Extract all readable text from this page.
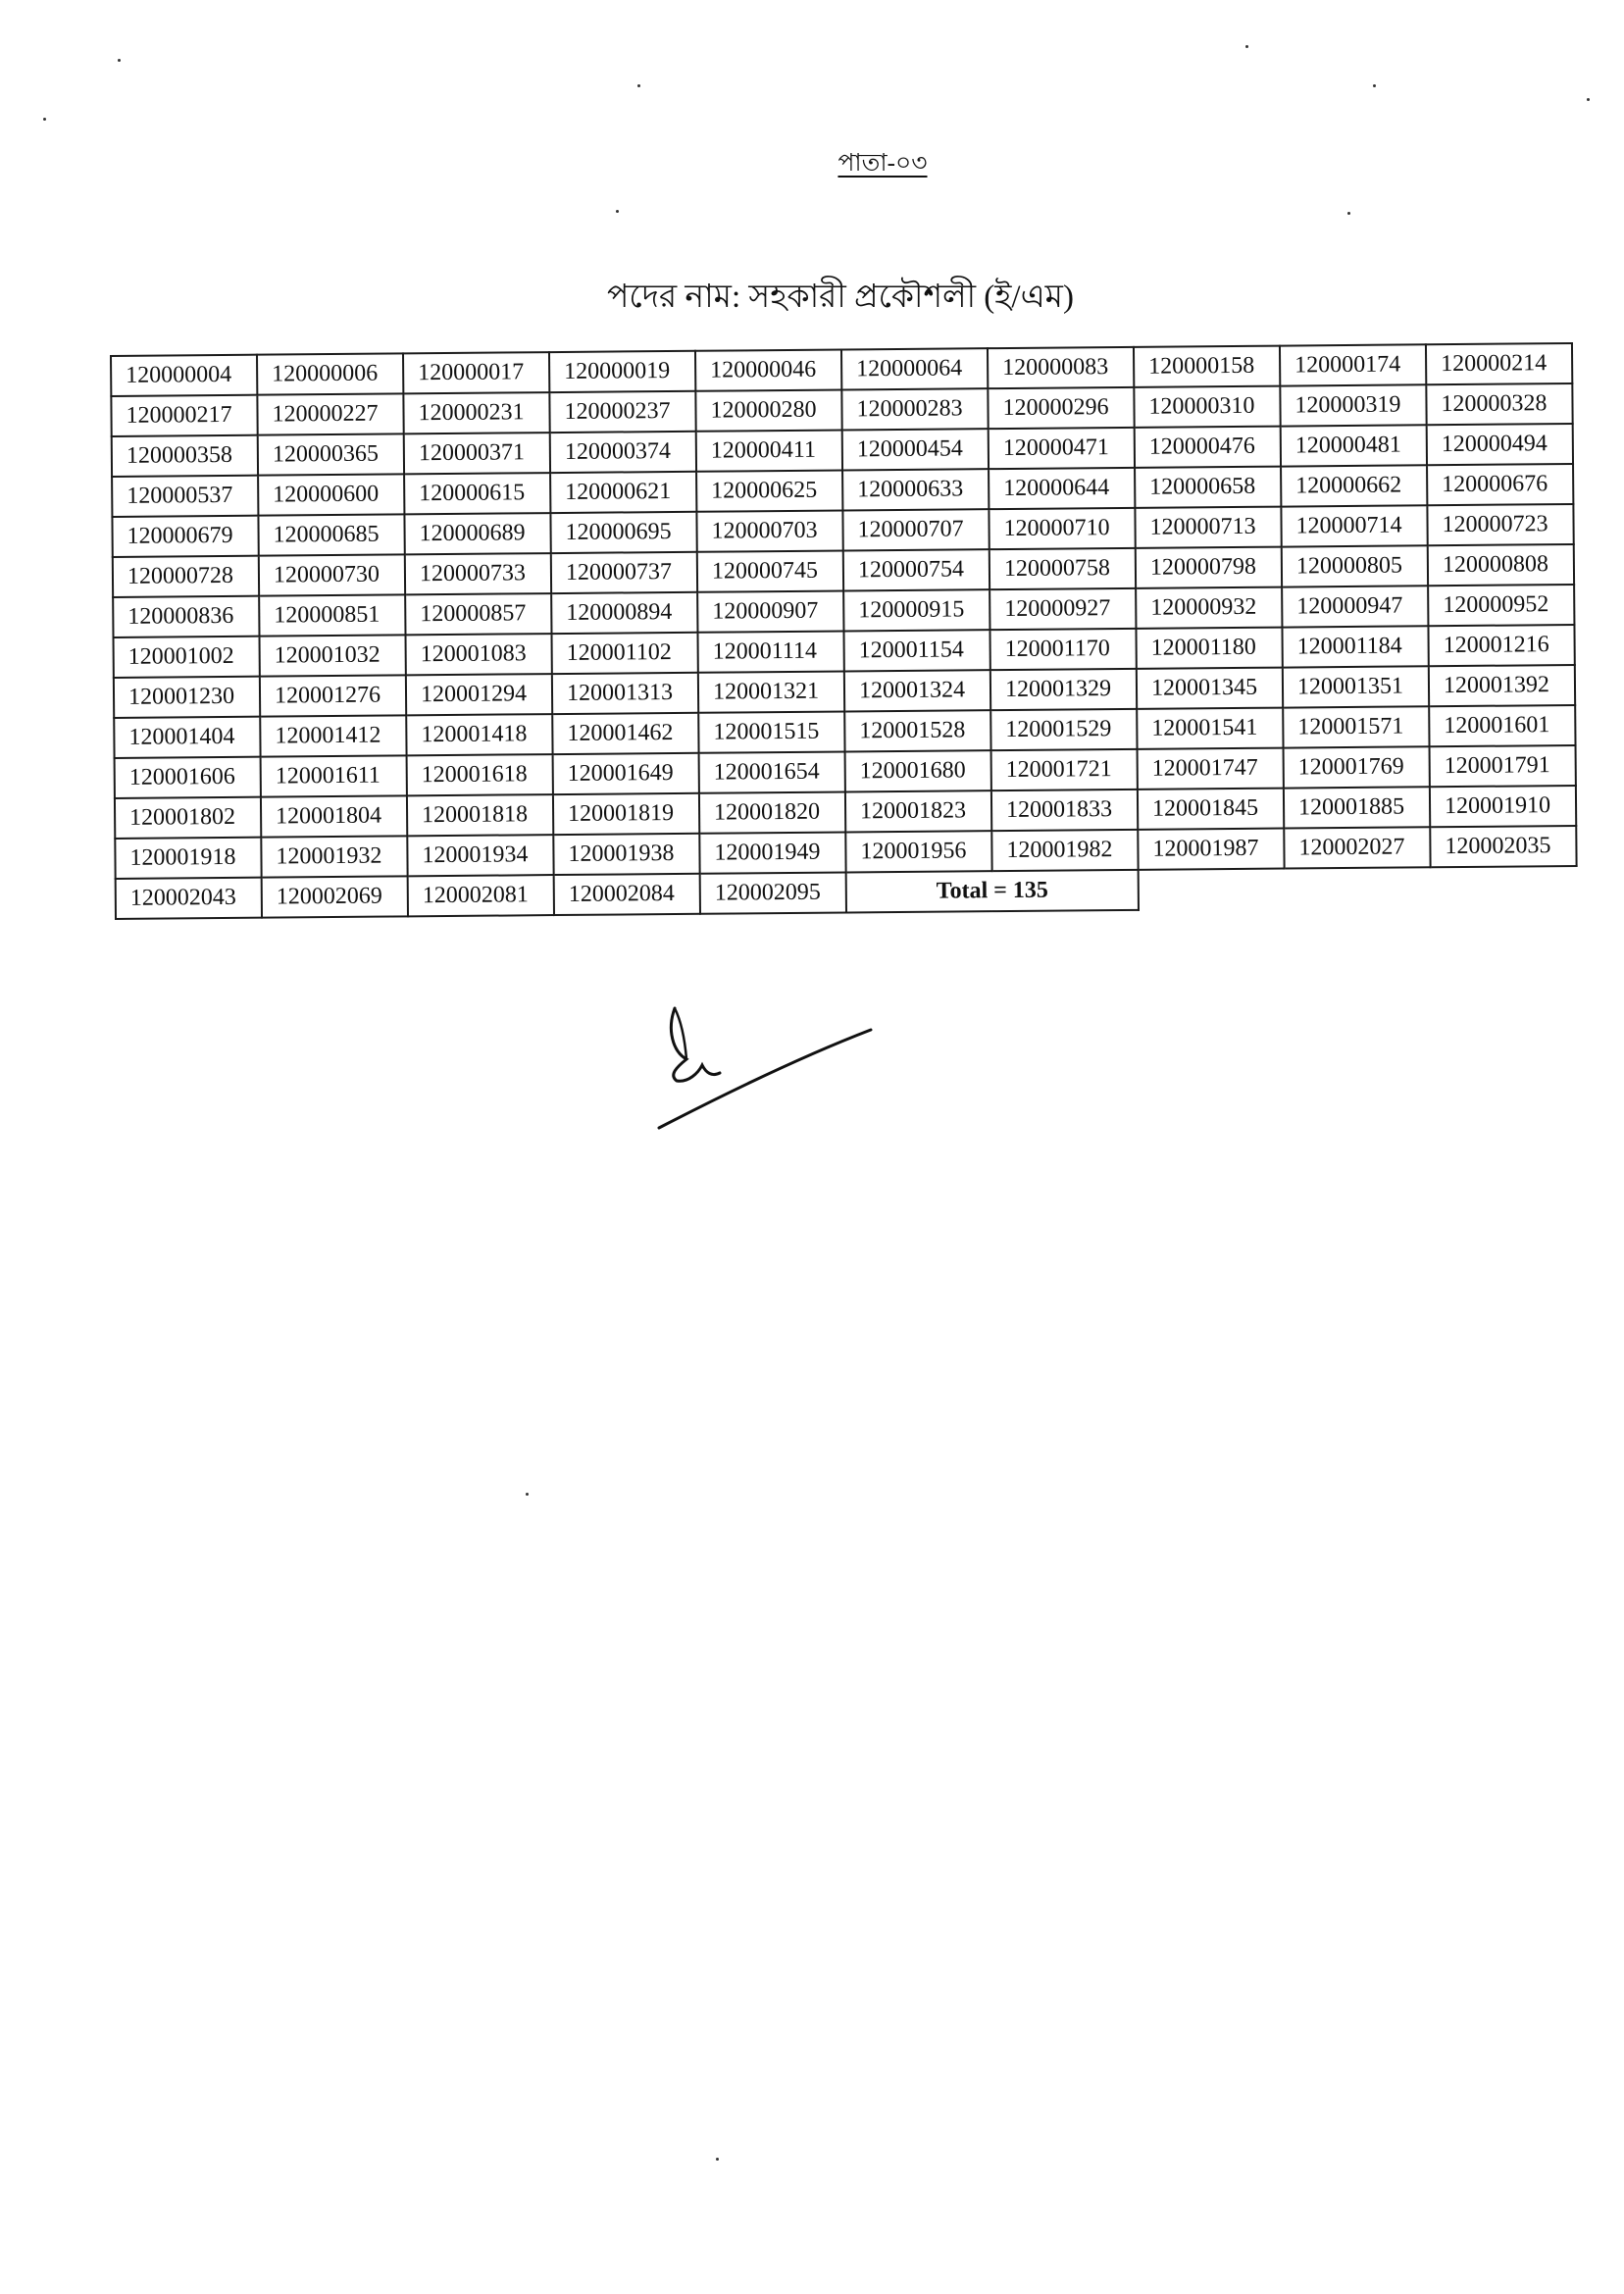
পাতা-০৩
পদের নাম: সহকারী প্রকৌশলী (ই/এম)
120000004	120000006	120000017	120000019	120000046	120000064	120000083	120000158	120000174	120000214
120000217	120000227	120000231	120000237	120000280	120000283	120000296	120000310	120000319	120000328
120000358	120000365	120000371	120000374	120000411	120000454	120000471	120000476	120000481	120000494
120000537	120000600	120000615	120000621	120000625	120000633	120000644	120000658	120000662	120000676
120000679	120000685	120000689	120000695	120000703	120000707	120000710	120000713	120000714	120000723
120000728	120000730	120000733	120000737	120000745	120000754	120000758	120000798	120000805	120000808
120000836	120000851	120000857	120000894	120000907	120000915	120000927	120000932	120000947	120000952
120001002	120001032	120001083	120001102	120001114	120001154	120001170	120001180	120001184	120001216
120001230	120001276	120001294	120001313	120001321	120001324	120001329	120001345	120001351	120001392
120001404	120001412	120001418	120001462	120001515	120001528	120001529	120001541	120001571	120001601
120001606	120001611	120001618	120001649	120001654	120001680	120001721	120001747	120001769	120001791
120001802	120001804	120001818	120001819	120001820	120001823	120001833	120001845	120001885	120001910
120001918	120001932	120001934	120001938	120001949	120001956	120001982	120001987	120002027	120002035
120002043	120002069	120002081	120002084	120002095	Total = 135				
